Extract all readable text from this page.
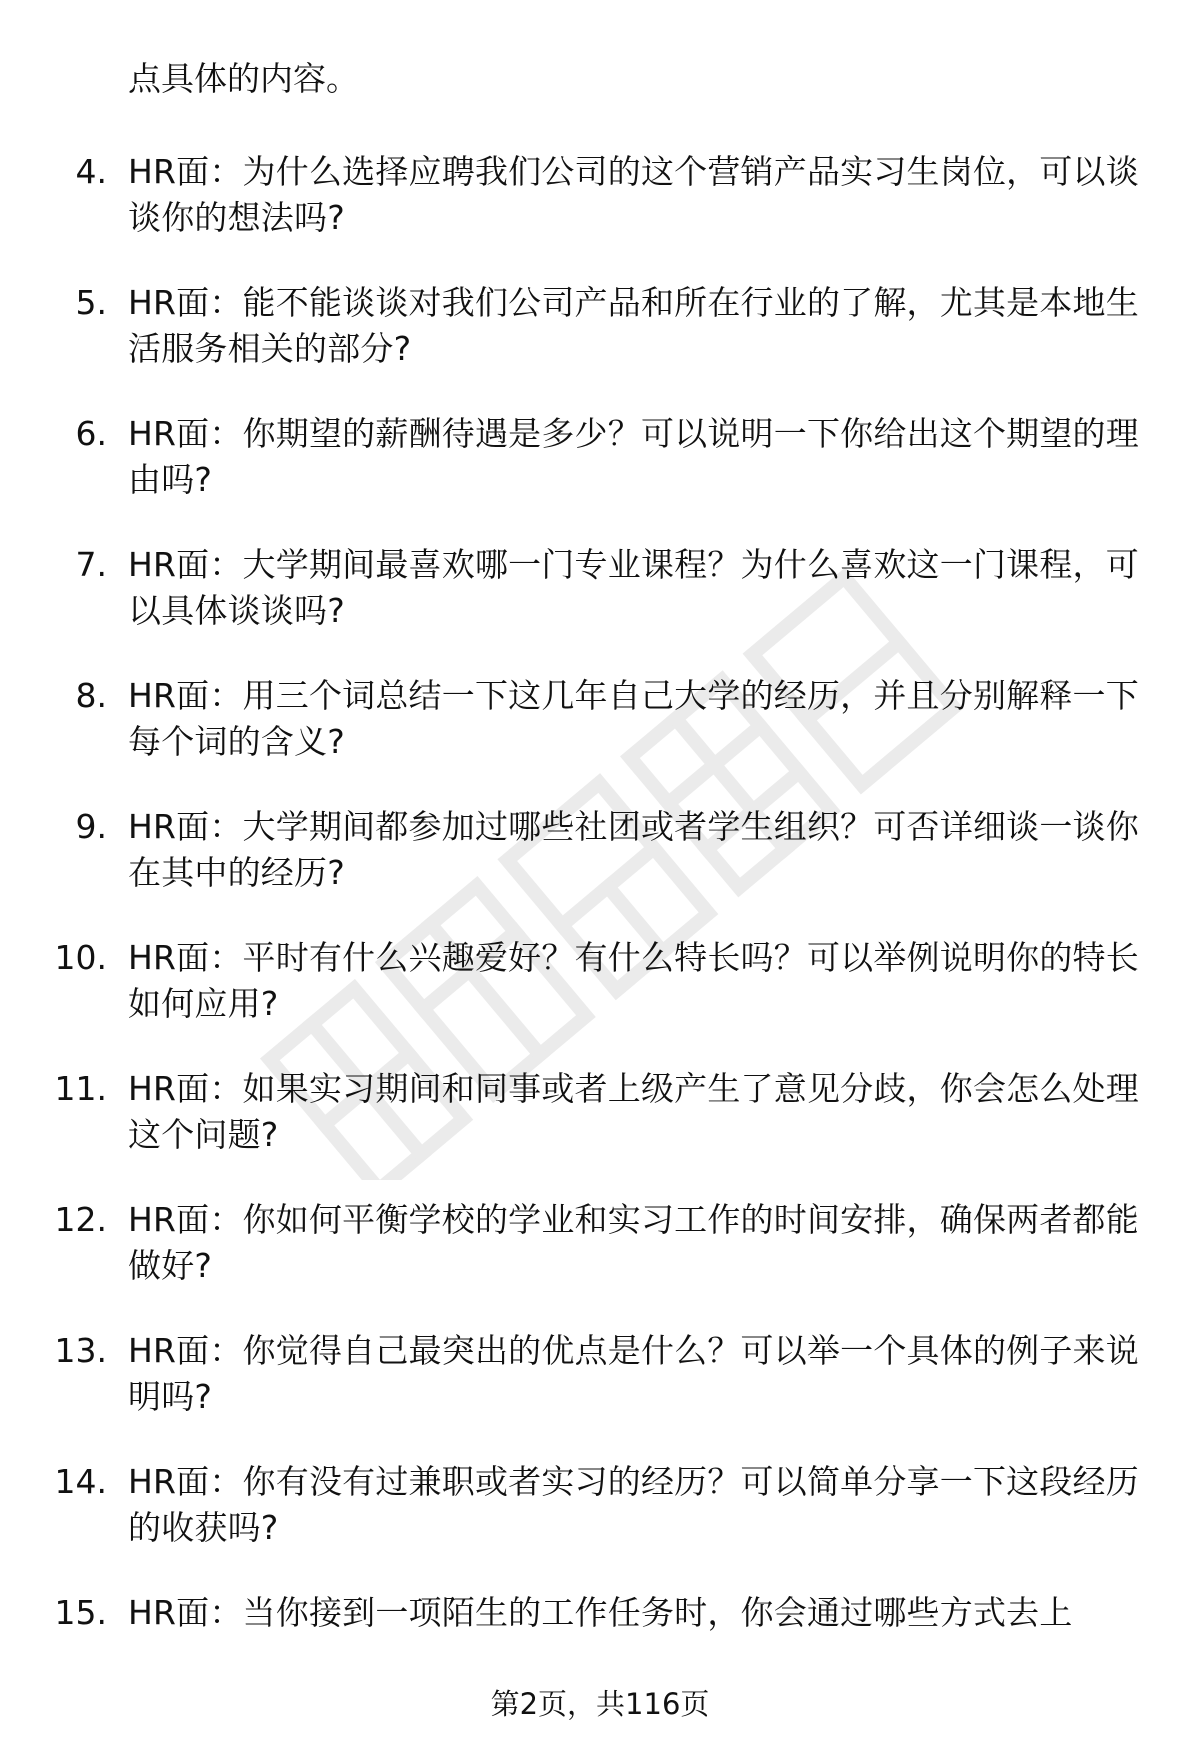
点具体的内容。

4. HR面：为什么选择应聘我们公司的这个营销产品实习生岗位，可以谈谈你的想法吗?
5. HR面：能不能谈谈对我们公司产品和所在行业的了解，尤其是本地生活服务相关的部分?
6. HR面：你期望的薪酬待遇是多少？可以说明一下你给出这个期望的理由吗?
7. HR面：大学期间最喜欢哪一门专业课程？为什么喜欢这一门课程，可以具体谈谈吗?
8. HR面：用三个词总结一下这几年自己大学的经历，并且分别解释一下每个词的含义?
9. HR面：大学期间都参加过哪些社团或者学生组织？可否详细谈一谈你在其中的经历?
10. HR面：平时有什么兴趣爱好？有什么特长吗？可以举例说明你的特长如何应用?
11. HR面：如果实习期间和同事或者上级产生了意见分歧，你会怎么处理这个问题?
12. HR面：你如何平衡学校的学业和实习工作的时间安排，确保两者都能做好?
13. HR面：你觉得自己最突出的优点是什么？可以举一个具体的例子来说明吗?
14. HR面：你有没有过兼职或者实习的经历？可以简单分享一下这段经历的收获吗?
15. HR面：当你接到一项陌生的工作任务时，你会通过哪些方式去上
第2页，共116页
